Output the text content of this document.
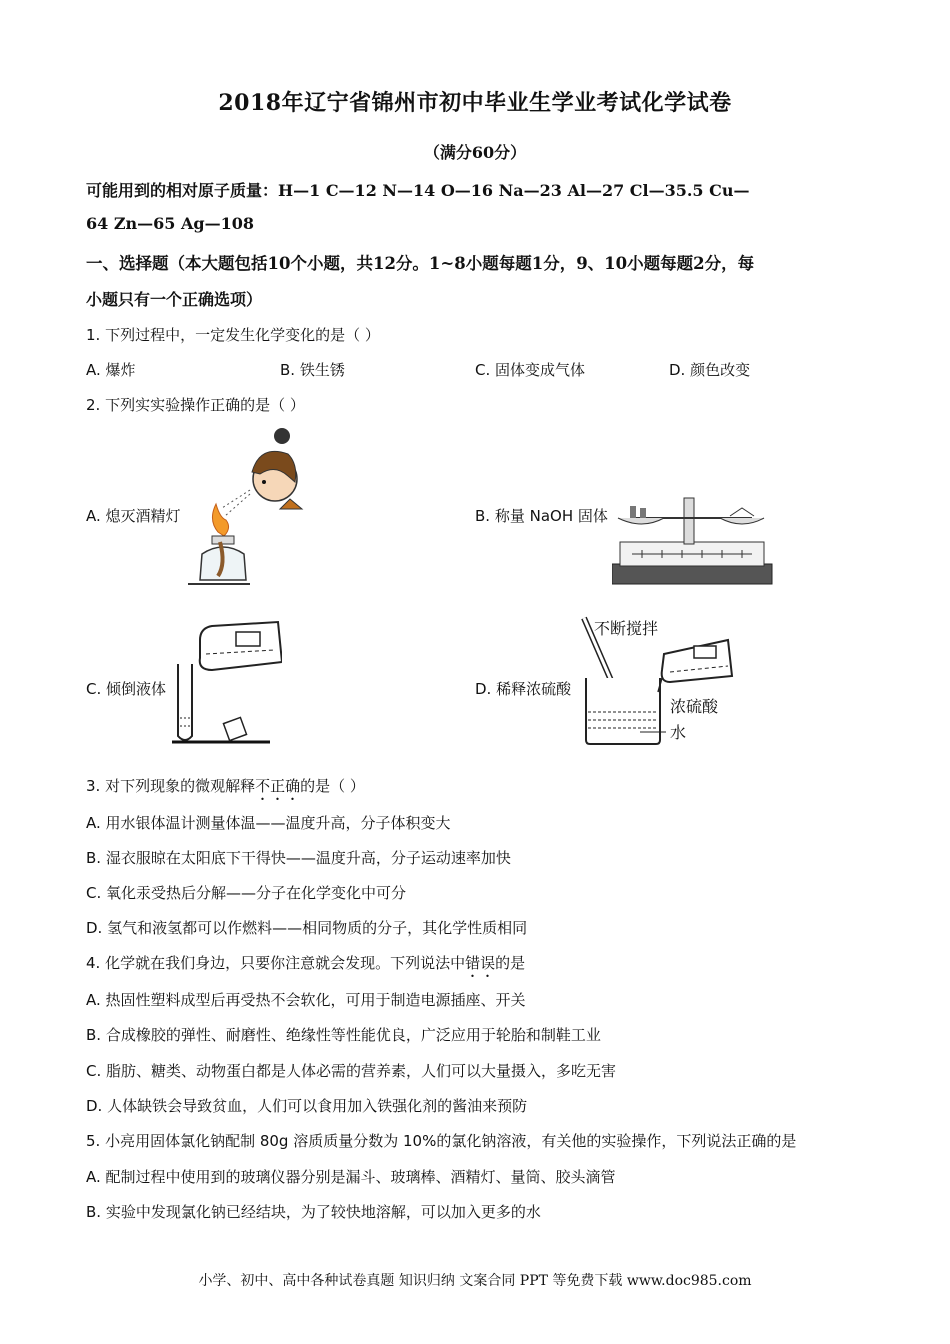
2018年辽宁省锦州市初中毕业生学业考试化学试卷
（满分60分）
可能用到的相对原子质量：H—1 C—12 N—14 O—16 Na—23 Al—27 Cl—35.5 Cu—
64 Zn—65 Ag—108
一、选择题（本大题包括10个小题，共12分。1~8小题每题1分，9、10小题每题2分，每
小题只有一个正确选项）
1. 下列过程中，一定发生化学变化的是（ ）
A. 爆炸	B. 铁生锈	C. 固体变成气体	D. 颜色改变
2. 下列实实验操作正确的是（ ）
A. 熄灭酒精灯	B. 称量 NaOH 固体
C. 倾倒液体	D. 稀释浓硫酸
不断搅拌
浓硫酸
水
3. 对下列现象的微观解释不正确的是（ ）
A. 用水银体温计测量体温——温度升高，分子体积变大
B. 湿衣服晾在太阳底下干得快——温度升高，分子运动速率加快
C. 氧化汞受热后分解——分子在化学变化中可分
D. 氢气和液氢都可以作燃料——相同物质的分子，其化学性质相同
4. 化学就在我们身边，只要你注意就会发现。下列说法中错误的是
A. 热固性塑料成型后再受热不会软化，可用于制造电源插座、开关
B. 合成橡胶的弹性、耐磨性、绝缘性等性能优良，广泛应用于轮胎和制鞋工业
C. 脂肪、糖类、动物蛋白都是人体必需的营养素，人们可以大量摄入，多吃无害
D. 人体缺铁会导致贫血，人们可以食用加入铁强化剂的酱油来预防
5. 小亮用固体氯化钠配制 80g 溶质质量分数为 10%的氯化钠溶液，有关他的实验操作，下列说法正确的是
A. 配制过程中使用到的玻璃仪器分别是漏斗、玻璃棒、酒精灯、量筒、胶头滴管
B. 实验中发现氯化钠已经结块，为了较快地溶解，可以加入更多的水
小学、初中、高中各种试卷真题 知识归纳 文案合同 PPT 等免费下载 www.doc985.com
